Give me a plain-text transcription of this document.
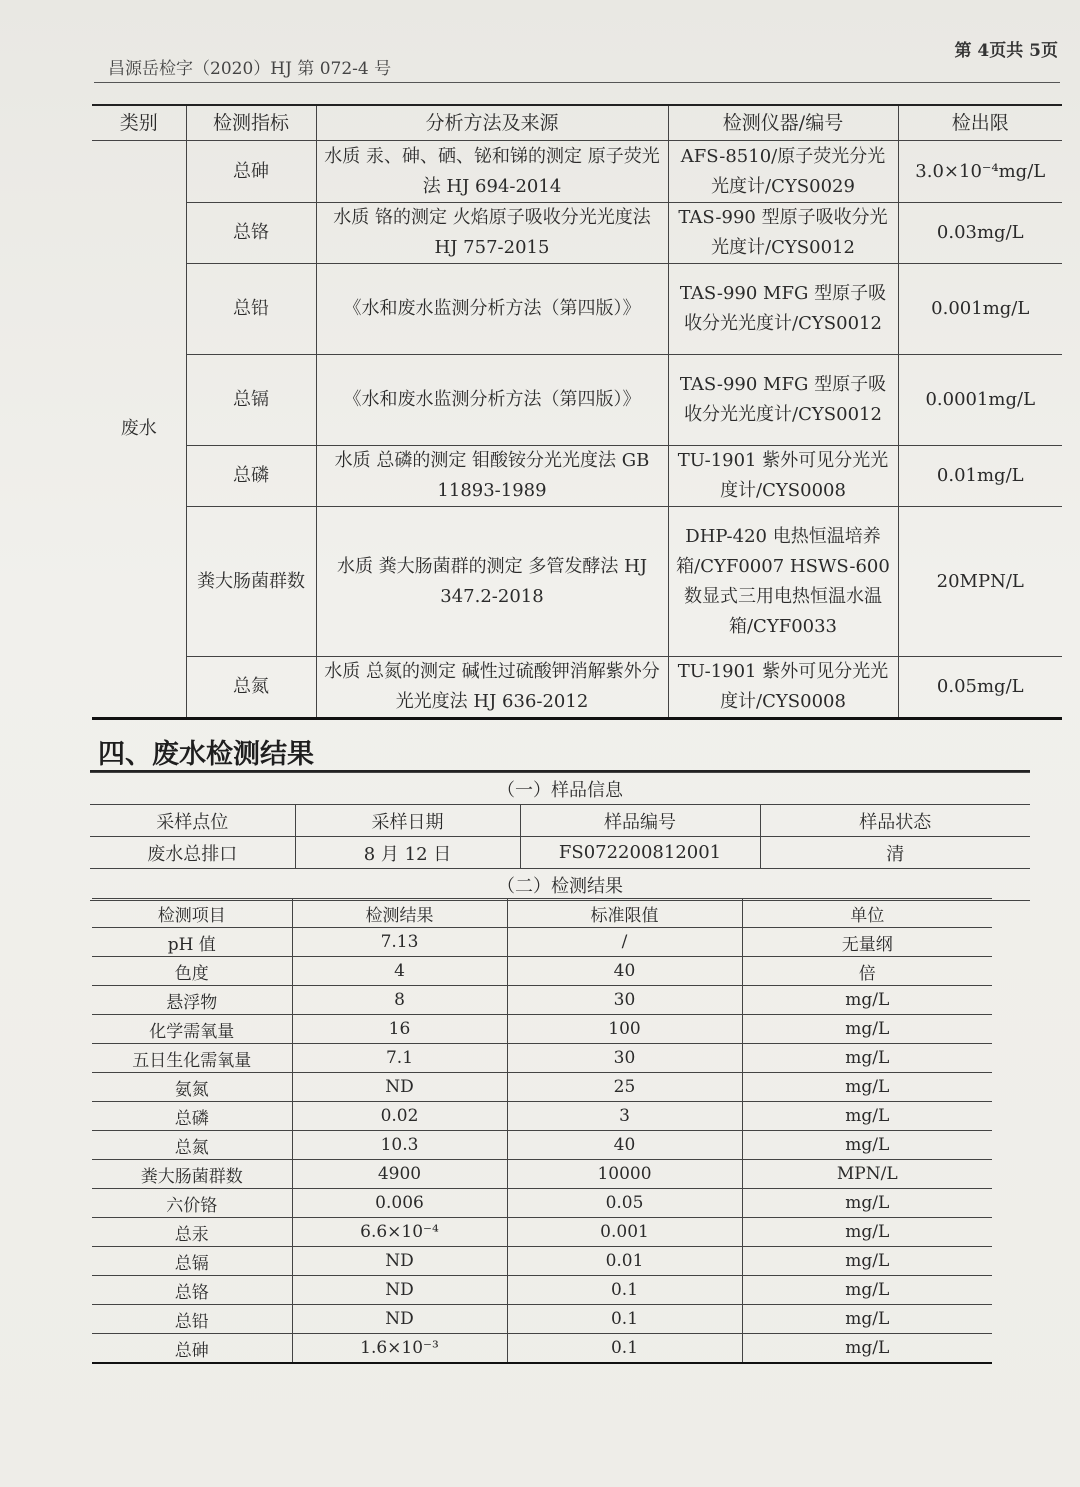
昌源岳检字（2020）HJ 第 072-4 号
第 4页共 5页
类别	检测指标	分析方法及来源	检测仪器/编号	检出限
废水	总砷	水质 汞、砷、硒、铋和锑的测定 原子荧光法 HJ 694-2014	AFS-8510/原子荧光分光光度计/CYS0029	3.0×10⁻⁴mg/L
	总铬	水质 铬的测定 火焰原子吸收分光光度法 HJ 757-2015	TAS-990 型原子吸收分光光度计/CYS0012	0.03mg/L
	总铅	《水和废水监测分析方法（第四版）》	TAS-990 MFG 型原子吸收分光光度计/CYS0012	0.001mg/L
	总镉	《水和废水监测分析方法（第四版）》	TAS-990 MFG 型原子吸收分光光度计/CYS0012	0.0001mg/L
	总磷	水质 总磷的测定 钼酸铵分光光度法 GB 11893-1989	TU-1901 紫外可见分光光度计/CYS0008	0.01mg/L
	粪大肠菌群数	水质 粪大肠菌群的测定 多管发酵法 HJ 347.2-2018	DHP-420 电热恒温培养箱/CYF0007 HSWS-600 数显式三用电热恒温水温箱/CYF0033	20MPN/L
	总氮	水质 总氮的测定 碱性过硫酸钾消解紫外分光光度法 HJ 636-2012	TU-1901 紫外可见分光光度计/CYS0008	0.05mg/L
四、废水检测结果
（一）样品信息			
采样点位	采样日期	样品编号	样品状态
废水总排口	8 月 12 日	FS072200812001	清
（二）检测结果			
检测项目	检测结果	标准限值	单位
pH 值	7.13	/	无量纲
色度	4	40	倍
悬浮物	8	30	mg/L
化学需氧量	16	100	mg/L
五日生化需氧量	7.1	30	mg/L
氨氮	ND	25	mg/L
总磷	0.02	3	mg/L
总氮	10.3	40	mg/L
粪大肠菌群数	4900	10000	MPN/L
六价铬	0.006	0.05	mg/L
总汞	6.6×10⁻⁴	0.001	mg/L
总镉	ND	0.01	mg/L
总铬	ND	0.1	mg/L
总铅	ND	0.1	mg/L
总砷	1.6×10⁻³	0.1	mg/L
